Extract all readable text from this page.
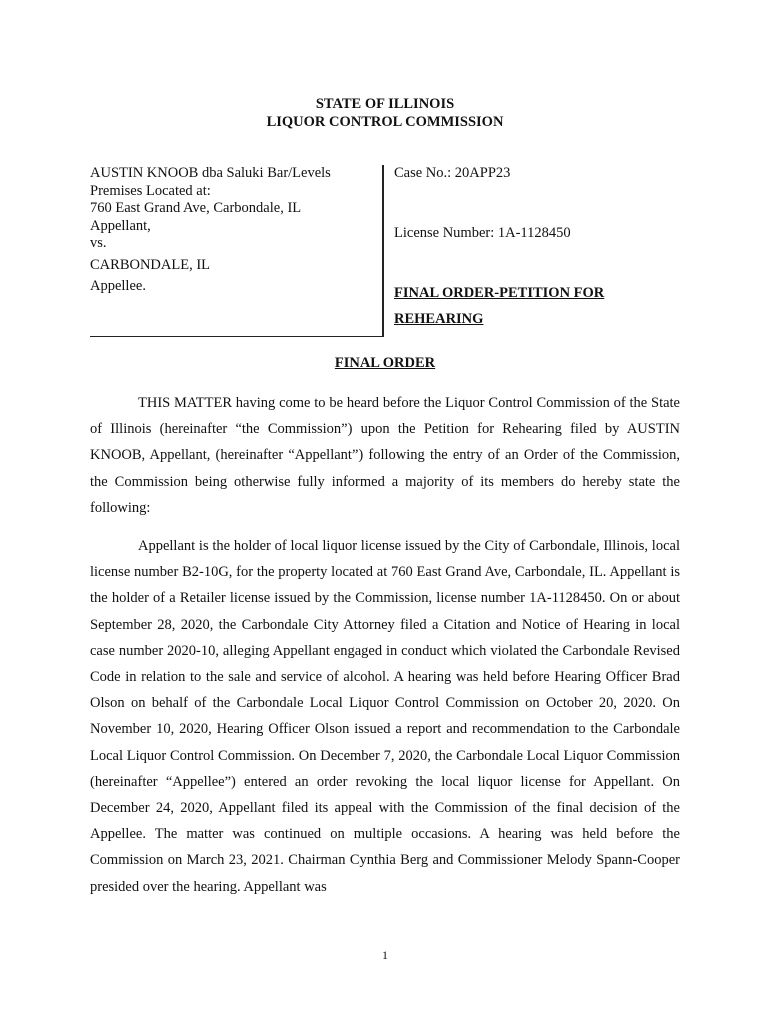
STATE OF ILLINOIS
LIQUOR CONTROL COMMISSION
AUSTIN KNOOB dba Saluki Bar/Levels
Premises Located at:
760 East Grand Ave, Carbondale, IL
Appellant,
vs.
CARBONDALE, IL
Appellee.
Case No.: 20APP23
License Number: 1A-1128450
FINAL ORDER-PETITION FOR
REHEARING
FINAL ORDER

THIS MATTER having come to be heard before the Liquor Control Commission of the State of Illinois (hereinafter “the Commission”) upon the Petition for Rehearing filed by AUSTIN KNOOB, Appellant, (hereinafter “Appellant”) following the entry of an Order of the Commission, the Commission being otherwise fully informed a majority of its members do hereby state the following:

Appellant is the holder of local liquor license issued by the City of Carbondale, Illinois, local license number B2-10G, for the property located at 760 East Grand Ave, Carbondale, IL. Appellant is the holder of a Retailer license issued by the Commission, license number 1A-1128450. On or about September 28, 2020, the Carbondale City Attorney filed a Citation and Notice of Hearing in local case number 2020-10, alleging Appellant engaged in conduct which violated the Carbondale Revised Code in relation to the sale and service of alcohol. A hearing was held before Hearing Officer Brad Olson on behalf of the Carbondale Local Liquor Control Commission on October 20, 2020. On November 10, 2020, Hearing Officer Olson issued a report and recommendation to the Carbondale Local Liquor Control Commission. On December 7, 2020, the Carbondale Local Liquor Commission (hereinafter “Appellee”) entered an order revoking the local liquor license for Appellant. On December 24, 2020, Appellant filed its appeal with the Commission of the final decision of the Appellee. The matter was continued on multiple occasions. A hearing was held before the Commission on March 23, 2021. Chairman Cynthia Berg and Commissioner Melody Spann-Cooper presided over the hearing. Appellant was

1
